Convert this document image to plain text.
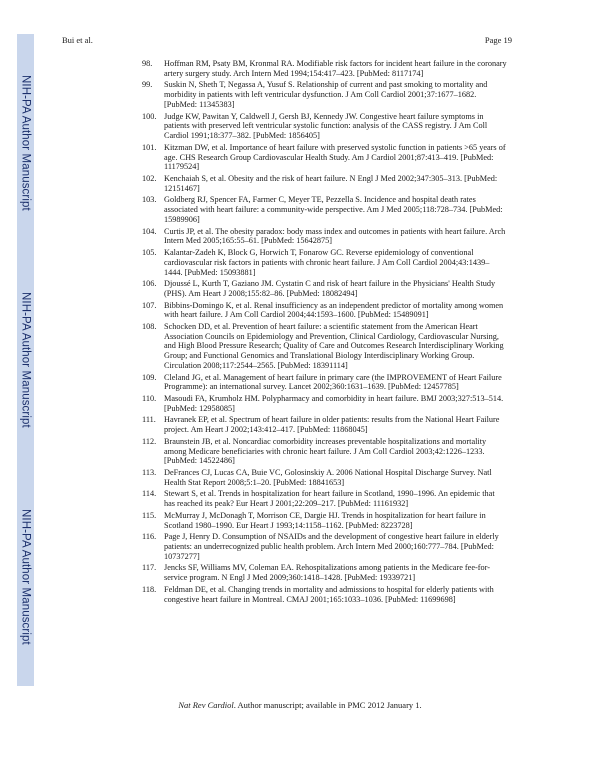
NIH-PA Author Manuscript
NIH-PA Author Manuscript
NIH-PA Author Manuscript
Bui et al.	Page 19
98. Hoffman RM, Psaty BM, Kronmal RA. Modifiable risk factors for incident heart failure in the coronary artery surgery study. Arch Intern Med 1994;154:417–423. [PubMed: 8117174]
99. Suskin N, Sheth T, Negassa A, Yusuf S. Relationship of current and past smoking to mortality and morbidity in patients with left ventricular dysfunction. J Am Coll Cardiol 2001;37:1677–1682. [PubMed: 11345383]
100. Judge KW, Pawitan Y, Caldwell J, Gersh BJ, Kennedy JW. Congestive heart failure symptoms in patients with preserved left ventricular systolic function: analysis of the CASS registry. J Am Coll Cardiol 1991;18:377–382. [PubMed: 1856405]
101. Kitzman DW, et al. Importance of heart failure with preserved systolic function in patients >65 years of age. CHS Research Group Cardiovascular Health Study. Am J Cardiol 2001;87:413–419. [PubMed: 11179524]
102. Kenchaiah S, et al. Obesity and the risk of heart failure. N Engl J Med 2002;347:305–313. [PubMed: 12151467]
103. Goldberg RJ, Spencer FA, Farmer C, Meyer TE, Pezzella S. Incidence and hospital death rates associated with heart failure: a community-wide perspective. Am J Med 2005;118:728–734. [PubMed: 15989906]
104. Curtis JP, et al. The obesity paradox: body mass index and outcomes in patients with heart failure. Arch Intern Med 2005;165:55–61. [PubMed: 15642875]
105. Kalantar-Zadeh K, Block G, Horwich T, Fonarow GC. Reverse epidemiology of conventional cardiovascular risk factors in patients with chronic heart failure. J Am Coll Cardiol 2004;43:1439–1444. [PubMed: 15093881]
106. Djoussé L, Kurth T, Gaziano JM. Cystatin C and risk of heart failure in the Physicians' Health Study (PHS). Am Heart J 2008;155:82–86. [PubMed: 18082494]
107. Bibbins-Domingo K, et al. Renal insufficiency as an independent predictor of mortality among women with heart failure. J Am Coll Cardiol 2004;44:1593–1600. [PubMed: 15489091]
108. Schocken DD, et al. Prevention of heart failure: a scientific statement from the American Heart Association Councils on Epidemiology and Prevention, Clinical Cardiology, Cardiovascular Nursing, and High Blood Pressure Research; Quality of Care and Outcomes Research Interdisciplinary Working Group; and Functional Genomics and Translational Biology Interdisciplinary Working Group. Circulation 2008;117:2544–2565. [PubMed: 18391114]
109. Cleland JG, et al. Management of heart failure in primary care (the IMPROVEMENT of Heart Failure Programme): an international survey. Lancet 2002;360:1631–1639. [PubMed: 12457785]
110. Masoudi FA, Krumholz HM. Polypharmacy and comorbidity in heart failure. BMJ 2003;327:513–514. [PubMed: 12958085]
111. Havranek EP, et al. Spectrum of heart failure in older patients: results from the National Heart Failure project. Am Heart J 2002;143:412–417. [PubMed: 11868045]
112. Braunstein JB, et al. Noncardiac comorbidity increases preventable hospitalizations and mortality among Medicare beneficiaries with chronic heart failure. J Am Coll Cardiol 2003;42:1226–1233. [PubMed: 14522486]
113. DeFrances CJ, Lucas CA, Buie VC, Golosinskiy A. 2006 National Hospital Discharge Survey. Natl Health Stat Report 2008;5:1–20. [PubMed: 18841653]
114. Stewart S, et al. Trends in hospitalization for heart failure in Scotland, 1990–1996. An epidemic that has reached its peak? Eur Heart J 2001;22:209–217. [PubMed: 11161932]
115. McMurray J, McDonagh T, Morrison CE, Dargie HJ. Trends in hospitalization for heart failure in Scotland 1980–1990. Eur Heart J 1993;14:1158–1162. [PubMed: 8223728]
116. Page J, Henry D. Consumption of NSAIDs and the development of congestive heart failure in elderly patients: an underrecognized public health problem. Arch Intern Med 2000;160:777–784. [PubMed: 10737277]
117. Jencks SF, Williams MV, Coleman EA. Rehospitalizations among patients in the Medicare fee-for-service program. N Engl J Med 2009;360:1418–1428. [PubMed: 19339721]
118. Feldman DE, et al. Changing trends in mortality and admissions to hospital for elderly patients with congestive heart failure in Montreal. CMAJ 2001;165:1033–1036. [PubMed: 11699698]
Nat Rev Cardiol. Author manuscript; available in PMC 2012 January 1.
